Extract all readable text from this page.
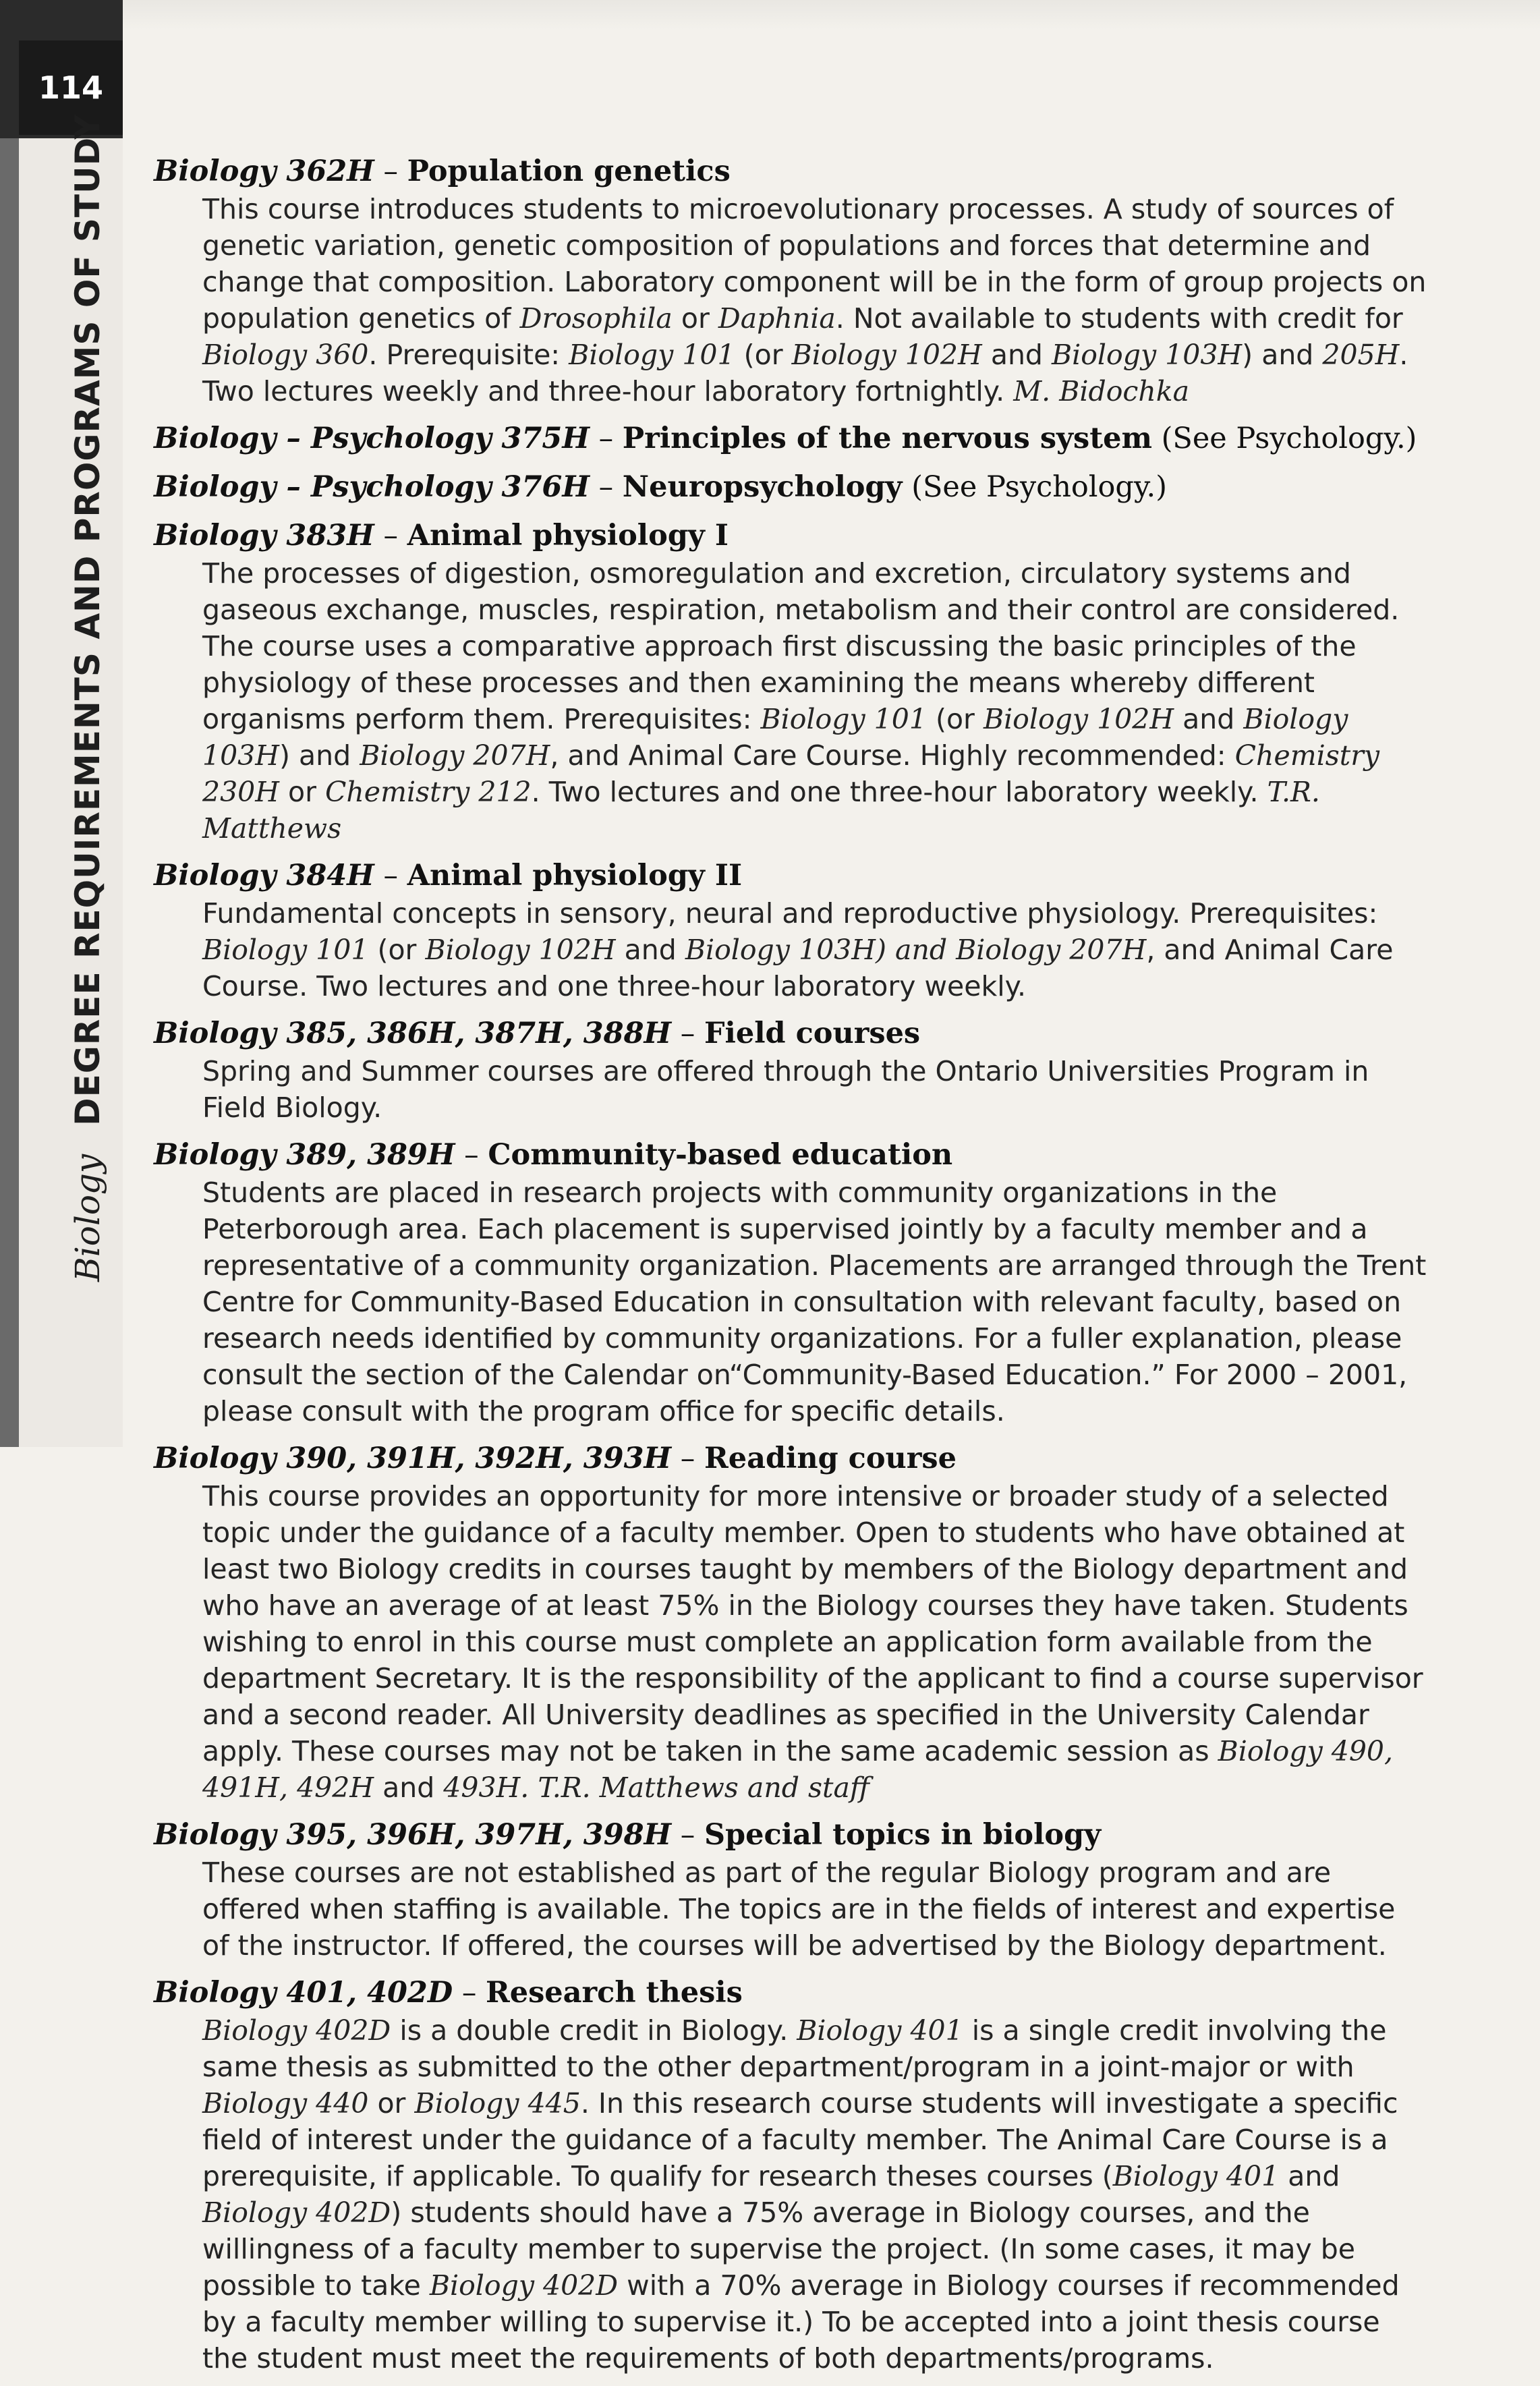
114
Biology DEGREE REQUIREMENTS AND PROGRAMS OF STUDY Biology 362H – Population genetics
This course introduces students to microevolutionary processes. A study of sources of genetic variation, genetic composition of populations and forces that determine and change that composition. Laboratory component will be in the form of group projects on population genetics of Drosophila or Daphnia. Not available to students with credit for Biology 360. Prerequisite: Biology 101 (or Biology 102H and Biology 103H) and 205H. Two lectures weekly and three-hour laboratory fortnightly. M. Bidochka
Biology – Psychology 375H – Principles of the nervous system (See Psychology.)
Biology – Psychology 376H – Neuropsychology (See Psychology.)
Biology 383H – Animal physiology I
The processes of digestion, osmoregulation and excretion, circulatory systems and gaseous exchange, muscles, respiration, metabolism and their control are considered. The course uses a comparative approach first discussing the basic principles of the physiology of these processes and then examining the means whereby different organisms perform them. Prerequisites: Biology 101 (or Biology 102H and Biology 103H) and Biology 207H, and Animal Care Course. Highly recommended: Chemistry 230H or Chemistry 212. Two lectures and one three-hour laboratory weekly. T.R. Matthews
Biology 384H – Animal physiology II
Fundamental concepts in sensory, neural and reproductive physiology. Prerequisites: Biology 101 (or Biology 102H and Biology 103H) and Biology 207H, and Animal Care Course. Two lectures and one three-hour laboratory weekly.
Biology 385, 386H, 387H, 388H – Field courses
Spring and Summer courses are offered through the Ontario Universities Program in Field Biology.
Biology 389, 389H – Community-based education
Students are placed in research projects with community organizations in the Peterborough area. Each placement is supervised jointly by a faculty member and a representative of a community organization. Placements are arranged through the Trent Centre for Community-Based Education in consultation with relevant faculty, based on research needs identified by community organizations. For a fuller explanation, please consult the section of the Calendar on“Community-Based Education.” For 2000 – 2001, please consult with the program office for specific details.
Biology 390, 391H, 392H, 393H – Reading course
This course provides an opportunity for more intensive or broader study of a selected topic under the guidance of a faculty member. Open to students who have obtained at least two Biology credits in courses taught by members of the Biology department and who have an average of at least 75% in the Biology courses they have taken. Students wishing to enrol in this course must complete an application form available from the department Secretary. It is the responsibility of the applicant to find a course supervisor and a second reader. All University deadlines as specified in the University Calendar apply. These courses may not be taken in the same academic session as Biology 490, 491H, 492H and 493H. T.R. Matthews and staff
Biology 395, 396H, 397H, 398H – Special topics in biology
These courses are not established as part of the regular Biology program and are offered when staffing is available. The topics are in the fields of interest and expertise of the instructor. If offered, the courses will be advertised by the Biology department.
Biology 401, 402D – Research thesis
Biology 402D is a double credit in Biology. Biology 401 is a single credit involving the same thesis as submitted to the other department/program in a joint-major or with Biology 440 or Biology 445. In this research course students will investigate a specific field of interest under the guidance of a faculty member. The Animal Care Course is a prerequisite, if applicable. To qualify for research theses courses (Biology 401 and Biology 402D) students should have a 75% average in Biology courses, and the willingness of a faculty member to supervise the project. (In some cases, it may be possible to take Biology 402D with a 70% average in Biology courses if recommended by a faculty member willing to supervise it.) To be accepted into a joint thesis course the student must meet the requirements of both departments/programs.
